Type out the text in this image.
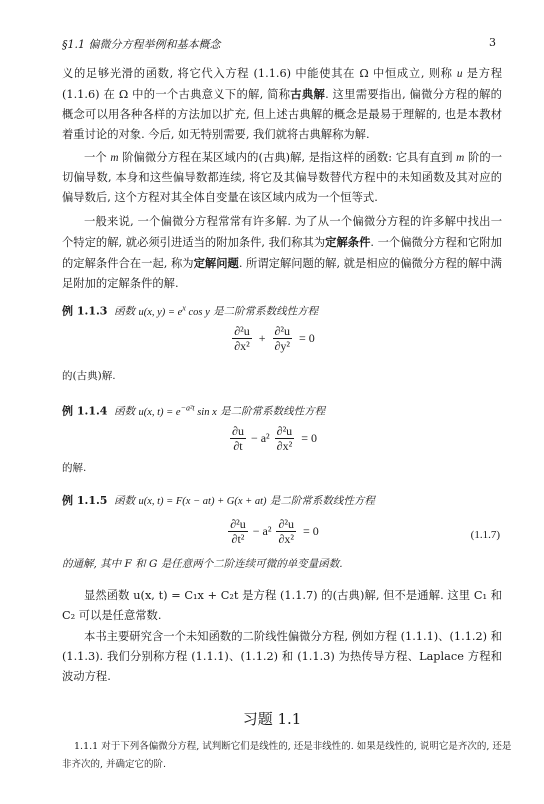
§1.1 偏微分方程举例和基本概念	3
义的足够光滑的函数, 将它代入方程 (1.1.6) 中能使其在 Ω 中恒成立, 则称 u 是方程 (1.1.6) 在 Ω 中的一个古典意义下的解, 简称古典解. 这里需要指出, 偏微分方程的解的概念可以用各种各样的方法加以扩充, 但上述古典解的概念是最易于理解的, 也是本教材着重讨论的对象. 今后, 如无特别需要, 我们就将古典解称为解.
一个 m 阶偏微分方程在某区域内的(古典)解, 是指这样的函数: 它具有直到 m 阶的一切偏导数, 本身和这些偏导数都连续, 将它及其偏导数替代方程中的未知函数及其对应的偏导数后, 这个方程对其全体自变量在该区域内成为一个恒等式.
一般来说, 一个偏微分方程常常有许多解. 为了从一个偏微分方程的许多解中找出一个特定的解, 就必须引进适当的附加条件, 我们称其为定解条件. 一个偏微分方程和它附加的定解条件合在一起, 称为定解问题. 所谓定解问题的解, 就是相应的偏微分方程的解中满足附加的定解条件的解.
例 1.1.3 函数 u(x, $y) = e^x$ cos y 是二阶常系数线性方程
$\frac{\text{∂²u}}{\text{∂x²}} + \frac{\text{∂²u}}{\text{∂y²}} = 0$
的(古典)解.
例 1.1.4 函数 u(x, $t) = e^{-a^2t}$ sin x 是二阶常系数线性方程
$\frac{\partial u}{\partial t} - a^2 \frac{\text{∂²u}}{\text{∂x²}} = 0$
的解.
例 1.1.5 函数 u(x, t) = F(x − at) + G(x + at) 是二阶常系数线性方程
$\frac{\text{∂²u}}{\text{∂t²}} - a^2 \frac{\text{∂²u}}{\text{∂x²}} = 0$	(1.1.7)
的通解, 其中 F 和 G 是任意两个二阶连续可微的单变量函数.
显然函数 u(x, t) = C₁x + C₂t 是方程 (1.1.7) 的(古典)解, 但不是通解. 这里 C₁ 和 C₂ 可以是任意常数.
本书主要研究含一个未知函数的二阶线性偏微分方程, 例如方程 (1.1.1)、(1.1.2) 和 (1.1.3). 我们分别称方程 (1.1.1)、(1.1.2) 和 (1.1.3) 为热传导方程、Laplace 方程和波动方程.
习题 1.1
1.1.1 对于下列各偏微分方程, 试判断它们是线性的, 还是非线性的. 如果是线性的, 说明它是齐次的, 还是非齐次的, 并确定它的阶.
